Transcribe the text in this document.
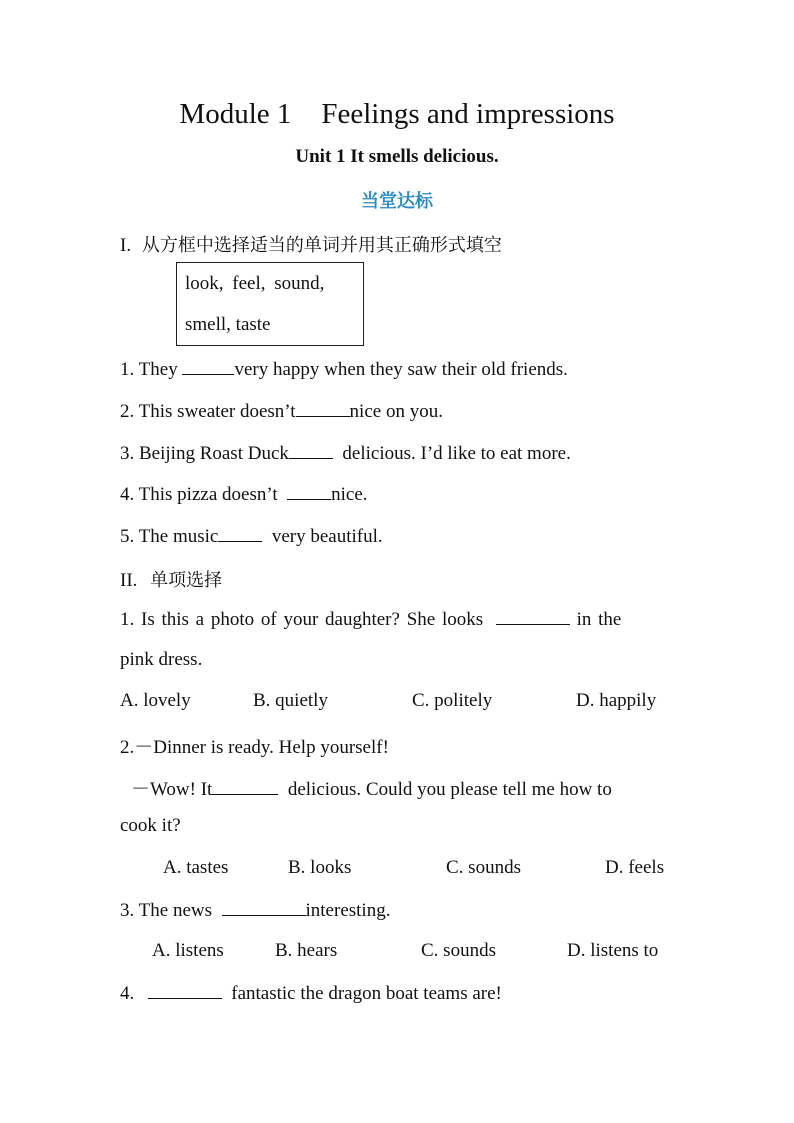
Module 1 Feelings and impressions
Unit 1 It smells delicious.
当堂达标
I. 从方框中选择适当的单词并用其正确形式填空
look, feel, sound,
smell, taste
1. They	very happy when they saw their old friends.
2. This sweater doesn’t	nice on you.
3. Beijing Roast Duck  delicious. I’d like to eat more.
4. This pizza doesn’t  nice.
5. The music  very beautiful.
II. 单项选择
1. Is this a photo of your daughter? She looks	in the
pink dress.
A. lovely	B. quietly	C. politely	D. happily
2.－Dinner is ready. Help yourself!
－Wow! It	delicious. Could you please tell me how to
cook it?
A. tastes	B. looks	C. sounds	D. feels
3. The news	interesting.
A. listens	B. hears	C. sounds	D. listens to
4.	fantastic the dragon boat teams are!
